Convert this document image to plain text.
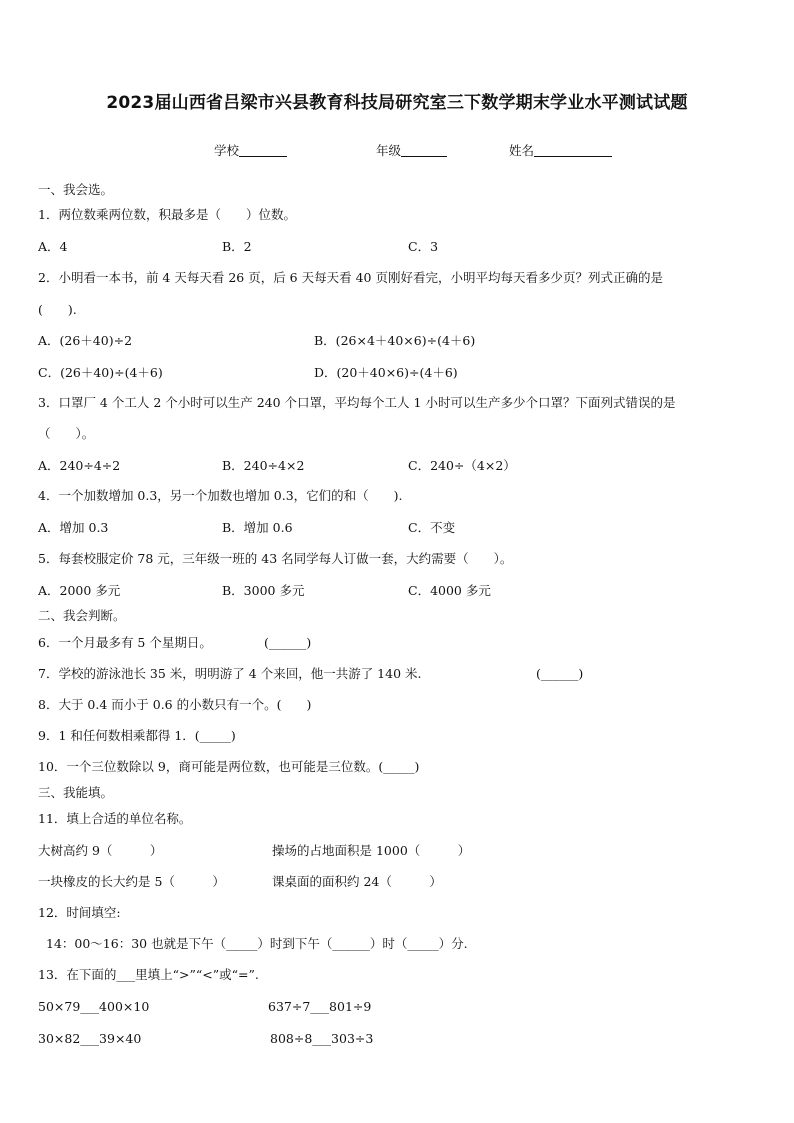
2023届山西省吕梁市兴县教育科技局研究室三下数学期末学业水平测试试题
学校	年级	姓名
一、我会选。
1．两位数乘两位数，积最多是（　　）位数。
A．4	B．2	C．3
2．小明看一本书，前 4 天每天看 26 页，后 6 天每天看 40 页刚好看完，小明平均每天看多少页？列式正确的是
(　　).
A．(26＋40)÷2	B．(26×4＋40×6)÷(4＋6)
C．(26＋40)÷(4＋6)	D．(20＋40×6)÷(4＋6)
3．口罩厂 4 个工人 2 个小时可以生产 240 个口罩，平均每个工人 1 小时可以生产多少个口罩？下面列式错误的是
（　　）。
A．240÷4÷2	B．240÷4×2	C．240÷（4×2）
4．一个加数增加 0.3，另一个加数也增加 0.3，它们的和（　　).
A．增加 0.3	B．增加 0.6	C．不变
5．每套校服定价 78 元，三年级一班的 43 名同学每人订做一套，大约需要（　　）。
A．2000 多元	B．3000 多元	C．4000 多元
二、我会判断。
6．一个月最多有 5 个星期日。	(______)
7．学校的游泳池长 35 米，明明游了 4 个来回，他一共游了 140 米.	(______)
8．大于 0.4 而小于 0.6 的小数只有一个。(　　)
9．1 和任何数相乘都得 1．(_____)
10．一个三位数除以 9，商可能是两位数，也可能是三位数。(_____)
三、我能填。
11．填上合适的单位名称。
大树高约 9（　　　）	操场的占地面积是 1000（　　　）
一块橡皮的长大约是 5（　　　）	课桌面的面积约 24（　　　）
12．时间填空:
14：00～16：30 也就是下午（_____）时到下午（______）时（_____）分.
13．在下面的___里填上“>”“<”或“=”.
50×79___400×10	637÷7___801÷9
30×82___39×40	808÷8___303÷3
